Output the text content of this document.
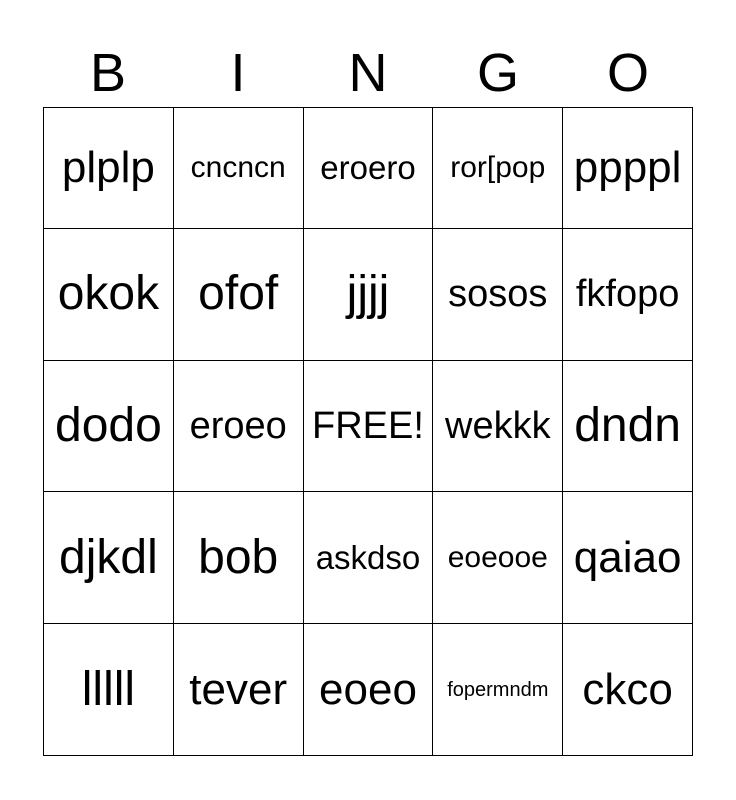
B	I	N	G	O
plplp	cncncn	eroero	ror[pop	ppppl
okok	ofof	jjjj	sosos	fkfopo
dodo	eroeo	FREE!	wekkk	dndn
djkdl	bob	askdso	eoeooe	qaiao
lllll	tever	eoeo	fopermndm	ckco
